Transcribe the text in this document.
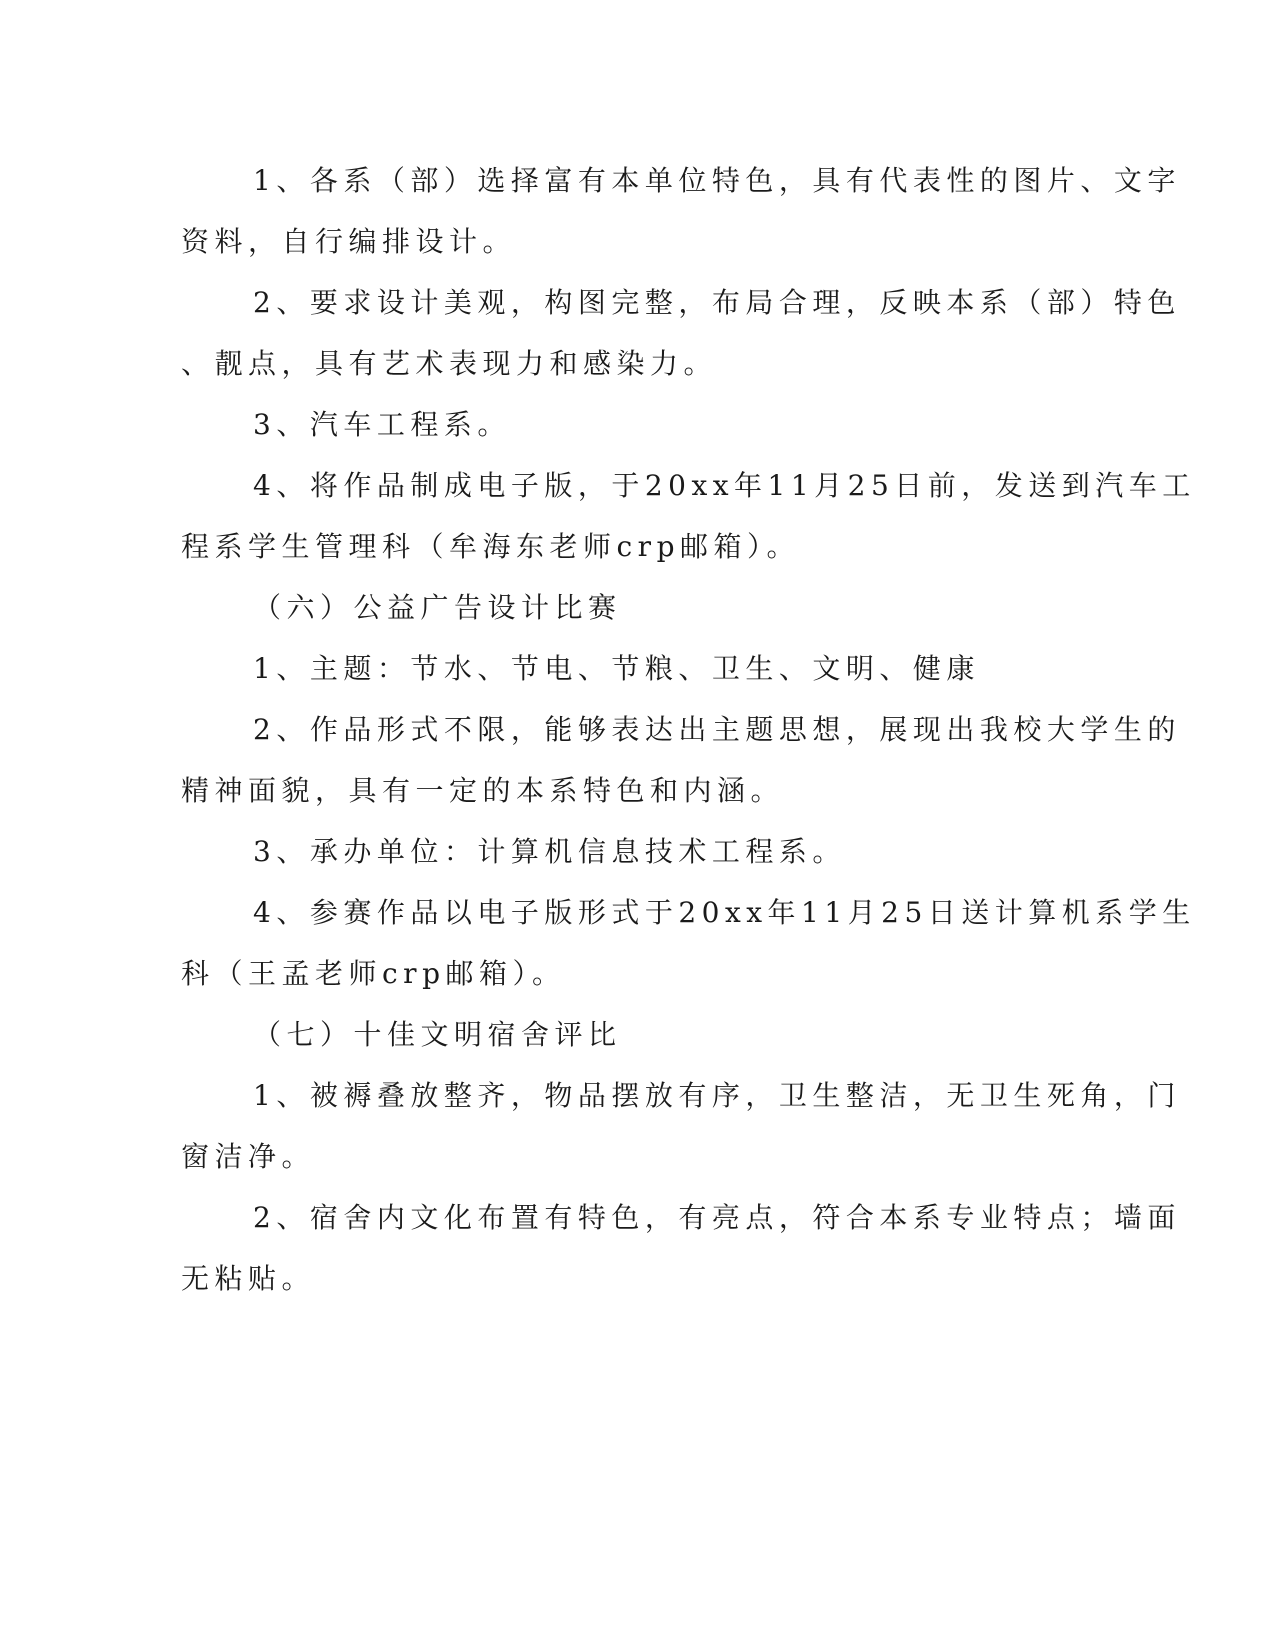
1、各系（部）选择富有本单位特色，具有代表性的图片、文字
资料，自行编排设计。
2、要求设计美观，构图完整，布局合理，反映本系（部）特色
、靓点，具有艺术表现力和感染力。
3、汽车工程系。
4、将作品制成电子版，于20xx年11月25日前，发送到汽车工
程系学生管理科（牟海东老师crp邮箱）。
（六）公益广告设计比赛
1、主题：节水、节电、节粮、卫生、文明、健康
2、作品形式不限，能够表达出主题思想，展现出我校大学生的
精神面貌，具有一定的本系特色和内涵。
3、承办单位：计算机信息技术工程系。
4、参赛作品以电子版形式于20xx年11月25日送计算机系学生
科（王孟老师crp邮箱）。
（七）十佳文明宿舍评比
1、被褥叠放整齐，物品摆放有序，卫生整洁，无卫生死角，门
窗洁净。
2、宿舍内文化布置有特色，有亮点，符合本系专业特点；墙面
无粘贴。
